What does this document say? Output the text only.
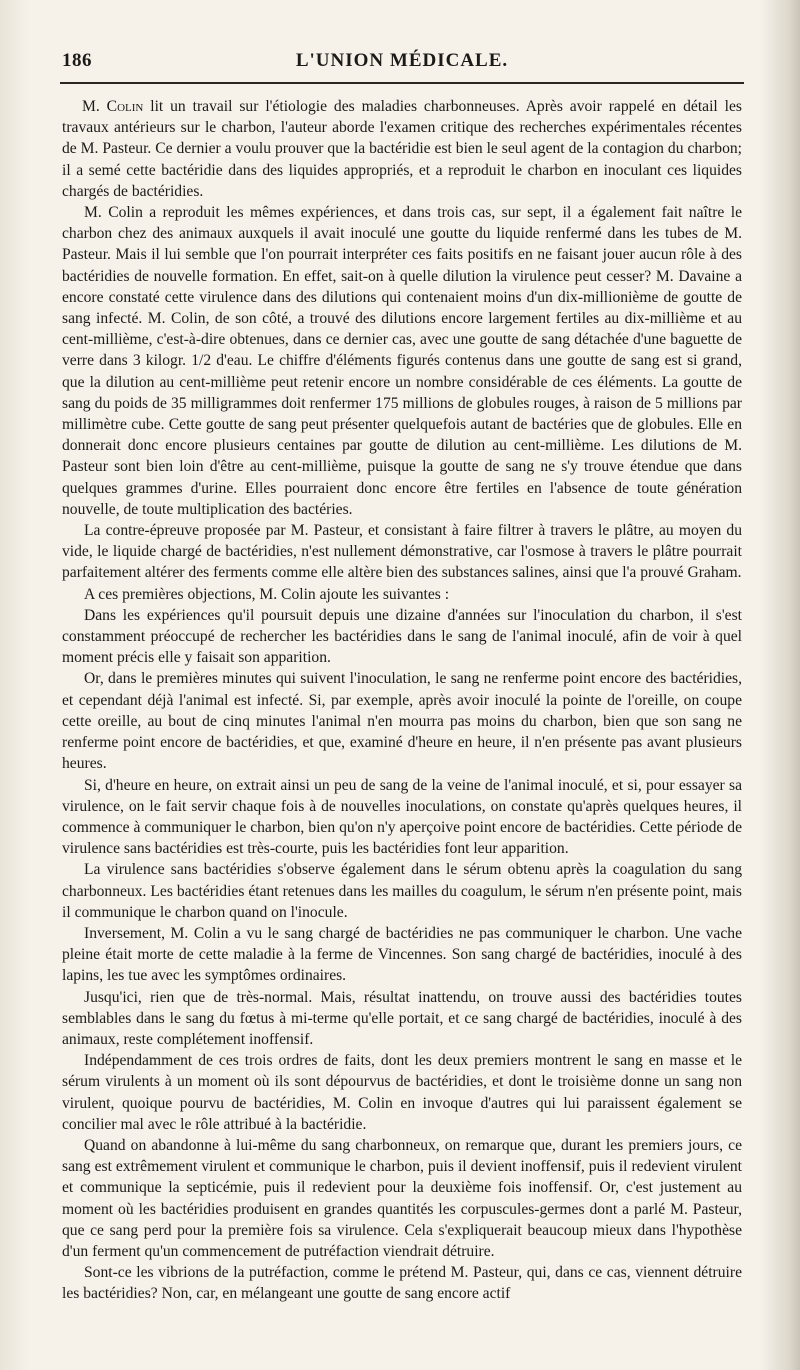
186	L'UNION MÉDICALE.

M. Colin lit un travail sur l'étiologie des maladies charbonneuses. Après avoir rappelé en détail les travaux antérieurs sur le charbon, l'auteur aborde l'examen critique des recherches expérimentales récentes de M. Pasteur. Ce dernier a voulu prouver que la bactéridie est bien le seul agent de la contagion du charbon; il a semé cette bactéridie dans des liquides appropriés, et a reproduit le charbon en inoculant ces liquides chargés de bactéridies.

M. Colin a reproduit les mêmes expériences, et dans trois cas, sur sept, il a également fait naître le charbon chez des animaux auxquels il avait inoculé une goutte du liquide renfermé dans les tubes de M. Pasteur. Mais il lui semble que l'on pourrait interpréter ces faits positifs en ne faisant jouer aucun rôle à des bactéridies de nouvelle formation. En effet, sait-on à quelle dilution la virulence peut cesser? M. Davaine a encore constaté cette virulence dans des dilutions qui contenaient moins d'un dix-millionième de goutte de sang infecté. M. Colin, de son côté, a trouvé des dilutions encore largement fertiles au dix-millième et au cent-millième, c'est-à-dire obtenues, dans ce dernier cas, avec une goutte de sang détachée d'une baguette de verre dans 3 kilogr. 1/2 d'eau. Le chiffre d'éléments figurés contenus dans une goutte de sang est si grand, que la dilution au cent-millième peut retenir encore un nombre considérable de ces éléments. La goutte de sang du poids de 35 milligrammes doit renfermer 175 millions de globules rouges, à raison de 5 millions par millimètre cube. Cette goutte de sang peut présenter quelquefois autant de bactéries que de globules. Elle en donnerait donc encore plusieurs centaines par goutte de dilution au cent-millième. Les dilutions de M. Pasteur sont bien loin d'être au cent-millième, puisque la goutte de sang ne s'y trouve étendue que dans quelques grammes d'urine. Elles pourraient donc encore être fertiles en l'absence de toute génération nouvelle, de toute multiplication des bactéries.

La contre-épreuve proposée par M. Pasteur, et consistant à faire filtrer à travers le plâtre, au moyen du vide, le liquide chargé de bactéridies, n'est nullement démonstrative, car l'osmose à travers le plâtre pourrait parfaitement altérer des ferments comme elle altère bien des substances salines, ainsi que l'a prouvé Graham.

A ces premières objections, M. Colin ajoute les suivantes :

Dans les expériences qu'il poursuit depuis une dizaine d'années sur l'inoculation du charbon, il s'est constamment préoccupé de rechercher les bactéridies dans le sang de l'animal inoculé, afin de voir à quel moment précis elle y faisait son apparition.

Or, dans le premières minutes qui suivent l'inoculation, le sang ne renferme point encore des bactéridies, et cependant déjà l'animal est infecté. Si, par exemple, après avoir inoculé la pointe de l'oreille, on coupe cette oreille, au bout de cinq minutes l'animal n'en mourra pas moins du charbon, bien que son sang ne renferme point encore de bactéridies, et que, examiné d'heure en heure, il n'en présente pas avant plusieurs heures.

Si, d'heure en heure, on extrait ainsi un peu de sang de la veine de l'animal inoculé, et si, pour essayer sa virulence, on le fait servir chaque fois à de nouvelles inoculations, on constate qu'après quelques heures, il commence à communiquer le charbon, bien qu'on n'y aperçoive point encore de bactéridies. Cette période de virulence sans bactéridies est très-courte, puis les bactéridies font leur apparition.

La virulence sans bactéridies s'observe également dans le sérum obtenu après la coagulation du sang charbonneux. Les bactéridies étant retenues dans les mailles du coagulum, le sérum n'en présente point, mais il communique le charbon quand on l'inocule.

Inversement, M. Colin a vu le sang chargé de bactéridies ne pas communiquer le charbon. Une vache pleine était morte de cette maladie à la ferme de Vincennes. Son sang chargé de bactéridies, inoculé à des lapins, les tue avec les symptômes ordinaires.

Jusqu'ici, rien que de très-normal. Mais, résultat inattendu, on trouve aussi des bactéridies toutes semblables dans le sang du fœtus à mi-terme qu'elle portait, et ce sang chargé de bactéridies, inoculé à des animaux, reste complétement inoffensif.

Indépendamment de ces trois ordres de faits, dont les deux premiers montrent le sang en masse et le sérum virulents à un moment où ils sont dépourvus de bactéridies, et dont le troisième donne un sang non virulent, quoique pourvu de bactéridies, M. Colin en invoque d'autres qui lui paraissent également se concilier mal avec le rôle attribué à la bactéridie.

Quand on abandonne à lui-même du sang charbonneux, on remarque que, durant les premiers jours, ce sang est extrêmement virulent et communique le charbon, puis il devient inoffensif, puis il redevient virulent et communique la septicémie, puis il redevient pour la deuxième fois inoffensif. Or, c'est justement au moment où les bactéridies produisent en grandes quantités les corpuscules-germes dont a parlé M. Pasteur, que ce sang perd pour la première fois sa virulence. Cela s'expliquerait beaucoup mieux dans l'hypothèse d'un ferment qu'un commencement de putréfaction viendrait détruire.

Sont-ce les vibrions de la putréfaction, comme le prétend M. Pasteur, qui, dans ce cas, viennent détruire les bactéridies? Non, car, en mélangeant une goutte de sang encore actif
